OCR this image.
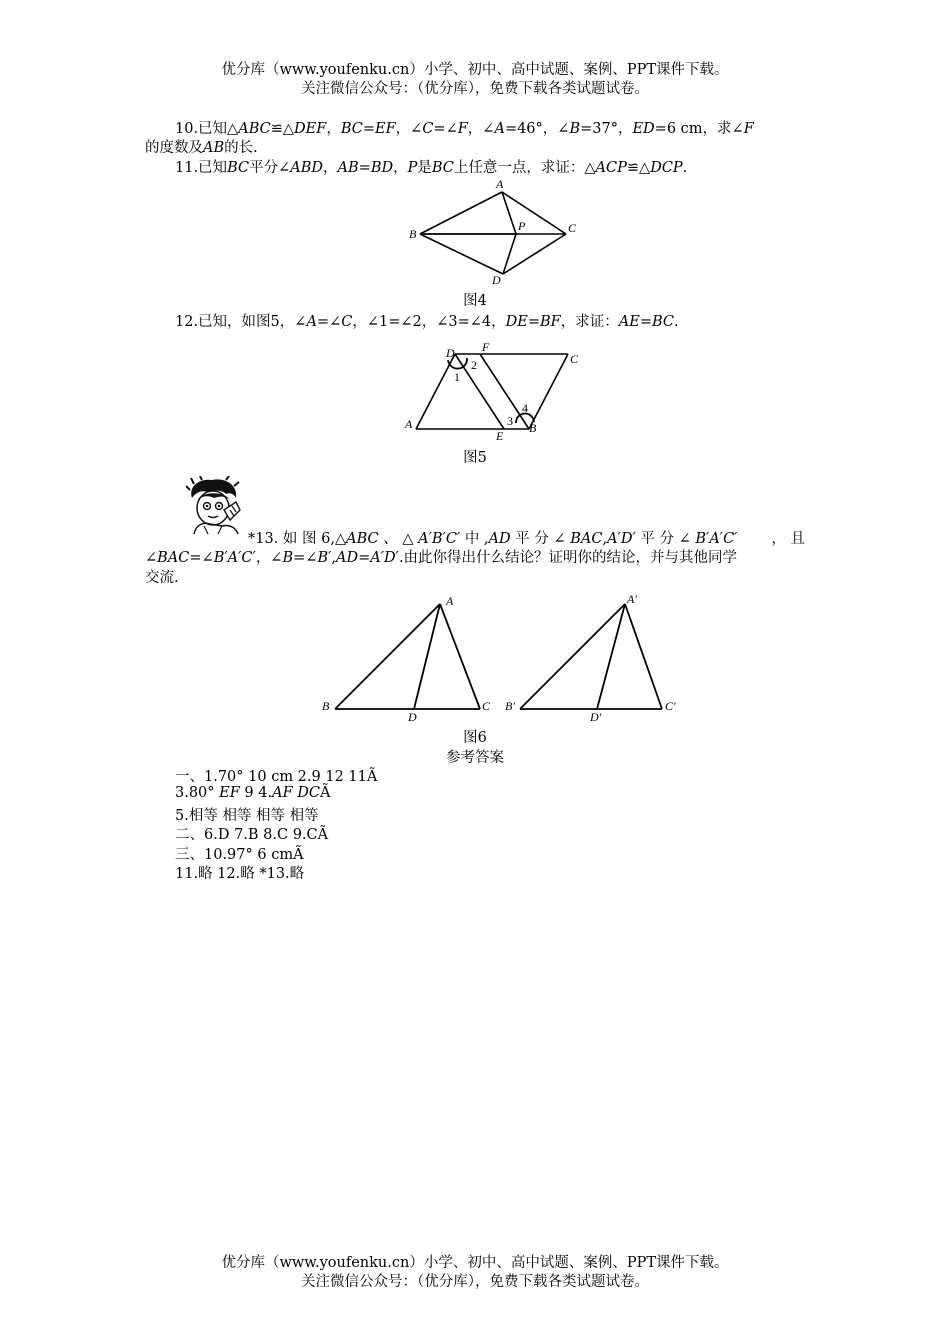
优分库（www.youfenku.cn）小学、初中、高中试题、案例、PPT课件下载。
关注微信公众号：（优分库），免费下载各类试题试卷。
10.已知△ABC≌△DEF，BC=EF，∠C=∠F，∠A=46°，∠B=37°，ED=6 cm，求∠F
的度数及AB的长.
11.已知BC平分∠ABD，AB=BD，P是BC上任意一点，求证：△ACP≌△DCP.
A
B	C
D
P
图4
12.已知，如图5，∠A=∠C，∠1=∠2，∠3=∠4，DE=BF，求证：AE=BC.
D F
C
A
E
B
1
2
3
4
图5
*13. 如 图 6,△ABC 、 △ A′B′C′ 中 ,AD 平 分 ∠ BAC,A′D′ 平 分 ∠ B′A′C′ ， 且
∠BAC=∠B′A′C′，∠B=∠B′,AD=A′D′.由此你得出什么结论？证明你的结论，并与其他同学
交流.
A
B	C
D
A′
B′	C′
D′
图6
参考答案
一、1.70° 10 cm 2.9 12 11Ã
3.80° EF 9 4.AF DCÃ
5.相等 相等 相等 相等
二、6.D 7.B 8.C 9.CÃ
三、10.97° 6 cmÃ
11.略 12.略 *13.略
优分库（www.youfenku.cn）小学、初中、高中试题、案例、PPT课件下载。
关注微信公众号：（优分库），免费下载各类试题试卷。
